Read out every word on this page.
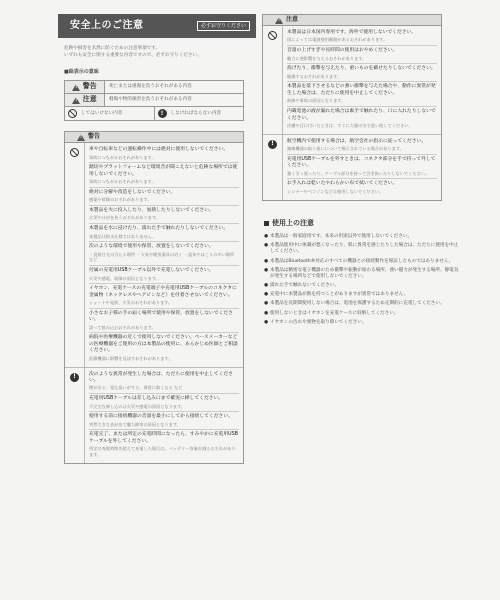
安全上のご注意	必ずお守りください
危険や損害を未然に防ぐための注意事項です。
いずれも安全に関する重要な内容ですので、必ずお守りください。
■絵表示の意味
!

警告	死亡または重傷を負うおそれがある内容
!

注意	軽傷や物的損害を負うおそれがある内容
してはいけない内容	!	しなければならない内容
!
警告
車や自転車などの運転操作中には絶対に使用しないでください。
事故につながるおそれがあります。
踏切やプラットフォームなど環境音が聞こえないと危険な場所では使用しないでください。
事故につながるおそれがあります。
絶対に分解や改造をしないでください。
感電や故障のおそれがあります。
本製品を火に投入したり、加熱したりしないでください。
火災やけがを負うおそれがあります。
本製品を水に浸けたり、濡れた手で触れたりしないでください。
本製品は防水仕様ではありません。
次のような環境で使用や保管、放置をしないでください。
・直射日光の当たる場所 ・火気や暖房器具の近く ・湿気やほこりの多い場所 など
付属の充電用USBケーブル以外で充電しないでください。
火災や感電、故障の原因となります。
イヤホン、充電ケースの充電端子や充電用USBケーブルのコネクタに金属物（ネックレスやヘアピンなど）を付着させないでください。
ショートや発熱、火災のおそれがあります。
小さなお子様の手の届く場所で使用や保管、放置をしないでください。
誤って飲み込むおそれがあります。
病院や医療機器の近くで使用しないでください。ペースメーカーなどの医療機器をご使用の方は本製品の使用に、あらかじめ医師とご相談ください。
医療機器に影響を及ぼすおそれがあります。
!	次のような異常が発生した場合は、ただちに使用を中止してください。
煙が出る、変な臭いがする、異常に熱くなる など
充電用USBケーブルは差し込み口まで確実に挿してください。
不完全な挿し込みは火災や感電の原因となります。
使用する前に接続機器の音量を最小にしてから接続してください。
突然大きな音が出て聴力障害の原因となります。
充電完了、または所定の充電時間になったら、すみやかに充電用USBケーブルを外してください。
所定の充電時間を超えて充電した場合は、バッテリー容量が減るおそれがあります。
!
注意
本製品は日本国内専用です。海外で使用しないでください。
国によっては電波使用制限があるおそれがあります。
音量の上げすぎや長時間の使用はおやめください。
聴力に悪影響を与えるおそれがあります。
投げたり、衝撃を与えたり、重いものを載せたりしないでください。
破損するおそれがあります。
本製品を落下させるなどの強い衝撃を与えた場合や、動作に異常が発生した場合は、ただちに使用を中止してください。
故障や事故の原因となります。
内蔵電池の液が漏れた場合は素手で触れたり、口に入れたりしないでください。
皮膚や目に付いたときは、すぐに大量の水で洗い流してください。
!	航空機内で使用する場合は、航空会社の指示に従ってください。
無線機器の取り扱いについて指示されている場合があります。
充電用USBケーブルを外すときは、コネクタ部分を手で持って外してください。
強く引っ張ったり、ケーブル部分を持って引き抜いたりしないでください。
お手入れは乾いたやわらかい布で拭いてください。
シンナーやベンジンなどは使用しないでください。
使用上の注意
● 本製品は一般家庭用です。本来の用途以外で使用しないでください。
● 本製品使用中に体調が悪くなったり、肌に異常を感じたりした場合は、ただちに使用を中止してください。
● 本製品はBluetooth®対応のすべての機器との接続動作を保証したものではありません。
● 本製品は精密な電子機器のため衝撃や振動が加わる場所、強い磁力が発生する場所、静電気が発生する場所などで使用しないでください。
● 濡れた手で触れないでください。
● 充電中に本製品が熱を持つことがありますが異常ではありません。
● 本製品を長期間使用しない場合は、電池を保護するため定期的に充電してください。
● 使用しないときはイヤホンを充電ケースに収納してください。
● イヤホンの汚れや異物を取り除いてください。
